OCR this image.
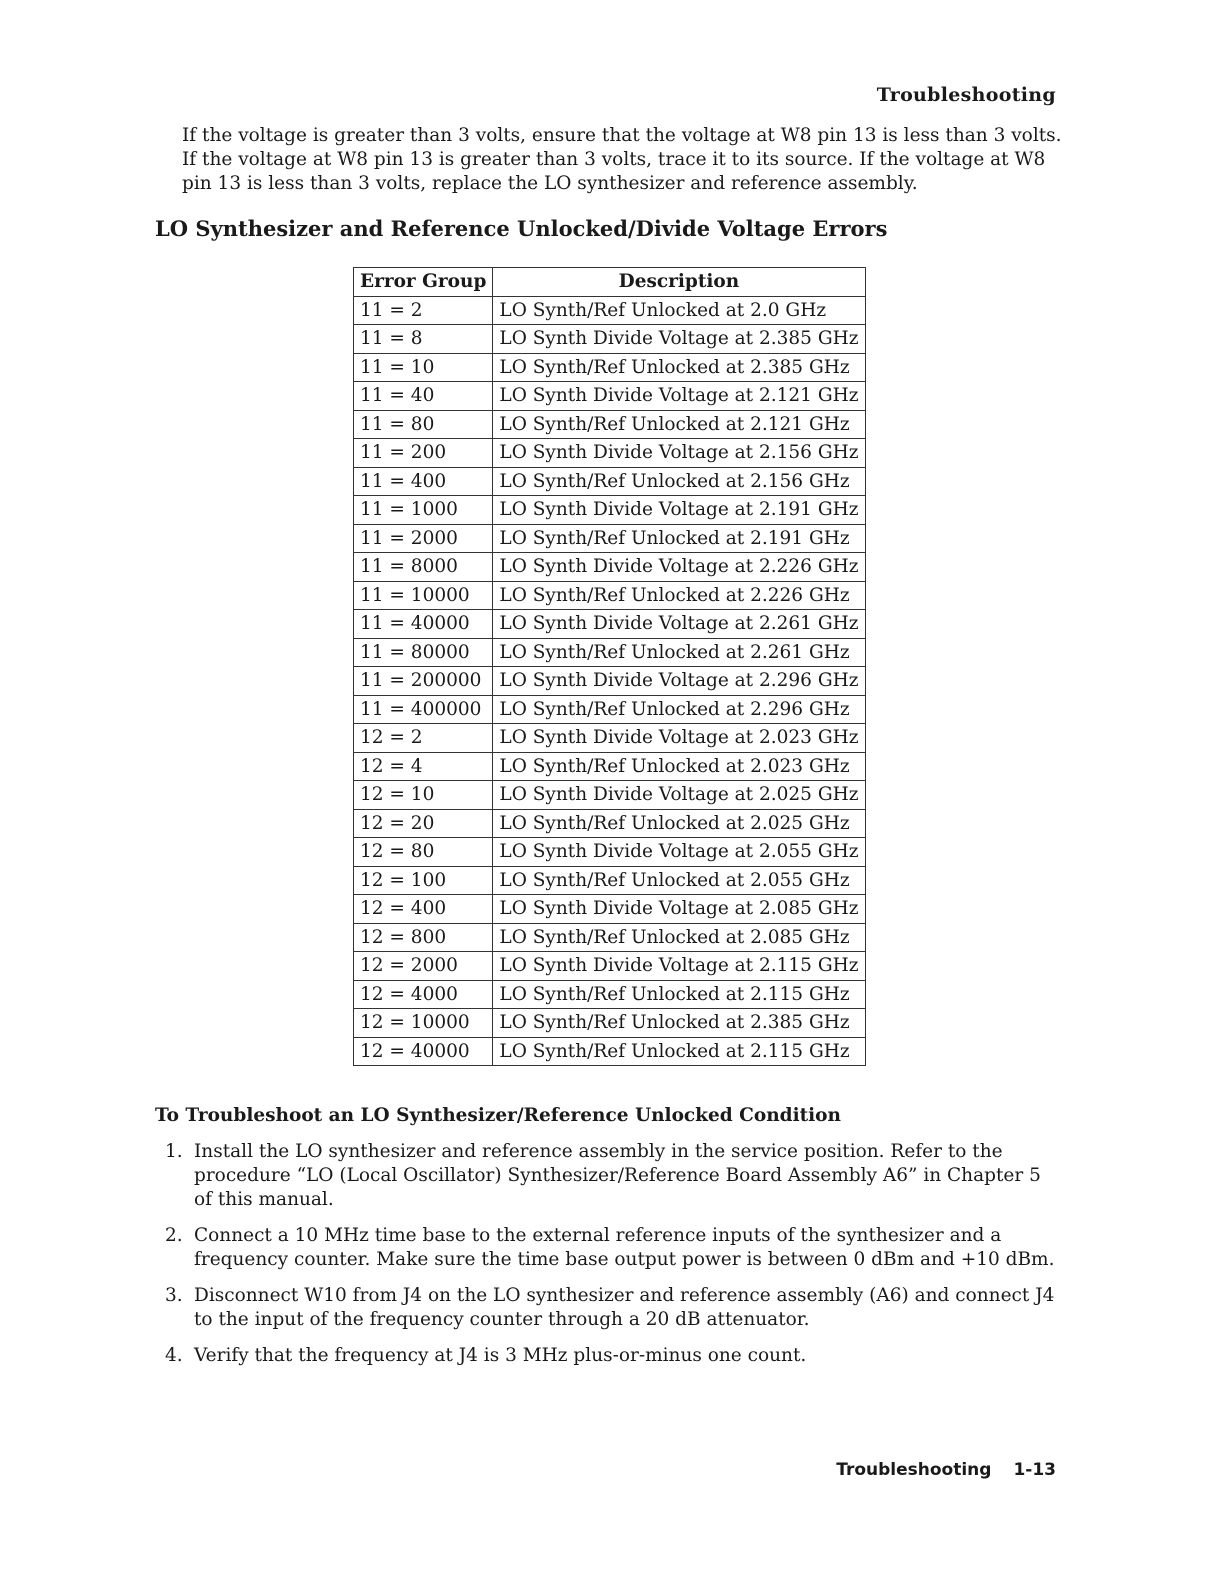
Troubleshooting

If the voltage is greater than 3 volts, ensure that the voltage at W8 pin 13 is less than 3 volts. If the voltage at W8 pin 13 is greater than 3 volts, trace it to its source. If the voltage at W8 pin 13 is less than 3 volts, replace the LO synthesizer and reference assembly.

LO Synthesizer and Reference Unlocked/Divide Voltage Errors
Error Group	Description
11 = 2	LO Synth/Ref Unlocked at 2.0 GHz
11 = 8	LO Synth Divide Voltage at 2.385 GHz
11 = 10	LO Synth/Ref Unlocked at 2.385 GHz
11 = 40	LO Synth Divide Voltage at 2.121 GHz
11 = 80	LO Synth/Ref Unlocked at 2.121 GHz
11 = 200	LO Synth Divide Voltage at 2.156 GHz
11 = 400	LO Synth/Ref Unlocked at 2.156 GHz
11 = 1000	LO Synth Divide Voltage at 2.191 GHz
11 = 2000	LO Synth/Ref Unlocked at 2.191 GHz
11 = 8000	LO Synth Divide Voltage at 2.226 GHz
11 = 10000	LO Synth/Ref Unlocked at 2.226 GHz
11 = 40000	LO Synth Divide Voltage at 2.261 GHz
11 = 80000	LO Synth/Ref Unlocked at 2.261 GHz
11 = 200000	LO Synth Divide Voltage at 2.296 GHz
11 = 400000	LO Synth/Ref Unlocked at 2.296 GHz
12 = 2	LO Synth Divide Voltage at 2.023 GHz
12 = 4	LO Synth/Ref Unlocked at 2.023 GHz
12 = 10	LO Synth Divide Voltage at 2.025 GHz
12 = 20	LO Synth/Ref Unlocked at 2.025 GHz
12 = 80	LO Synth Divide Voltage at 2.055 GHz
12 = 100	LO Synth/Ref Unlocked at 2.055 GHz
12 = 400	LO Synth Divide Voltage at 2.085 GHz
12 = 800	LO Synth/Ref Unlocked at 2.085 GHz
12 = 2000	LO Synth Divide Voltage at 2.115 GHz
12 = 4000	LO Synth/Ref Unlocked at 2.115 GHz
12 = 10000	LO Synth/Ref Unlocked at 2.385 GHz
12 = 40000	LO Synth/Ref Unlocked at 2.115 GHz
To Troubleshoot an LO Synthesizer/Reference Unlocked Condition
1. Install the LO synthesizer and reference assembly in the service position. Refer to the procedure “LO (Local Oscillator) Synthesizer/Reference Board Assembly A6” in Chapter 5 of this manual.
2. Connect a 10 MHz time base to the external reference inputs of the synthesizer and a frequency counter. Make sure the time base output power is between 0 dBm and +10 dBm.
3. Disconnect W10 from J4 on the LO synthesizer and reference assembly (A6) and connect J4 to the input of the frequency counter through a 20 dB attenuator.
4. Verify that the frequency at J4 is 3 MHz plus-or-minus one count.
Troubleshooting 1-13
